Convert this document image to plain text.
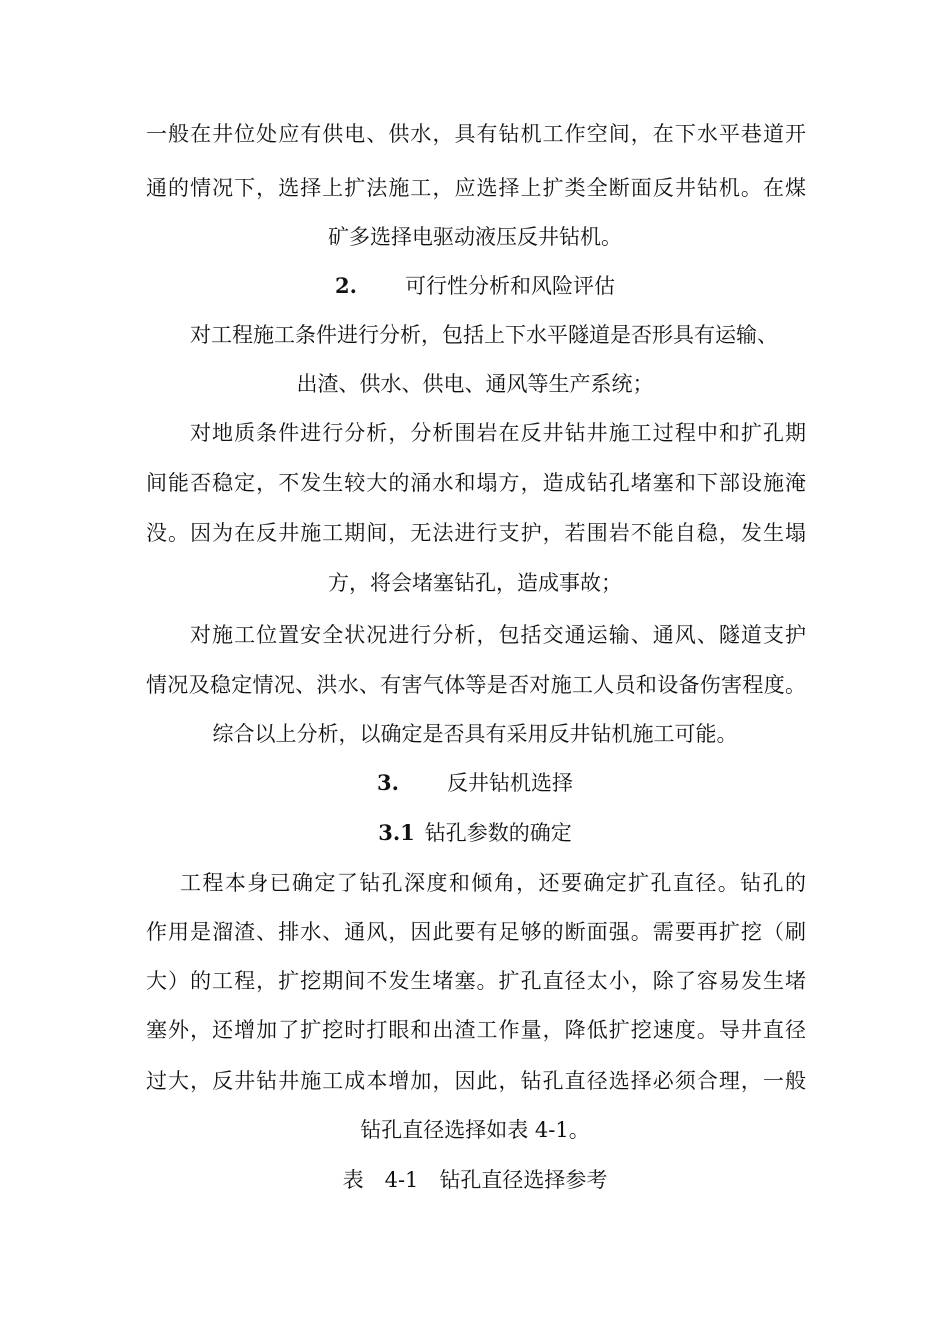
一般在井位处应有供电、供水，具有钻机工作空间，在下水平巷道开
通的情况下，选择上扩法施工，应选择上扩类全断面反井钻机。在煤
矿多选择电驱动液压反井钻机。
2. 可行性分析和风险评估
对工程施工条件进行分析，包括上下水平隧道是否形具有运输、
出渣、供水、供电、通风等生产系统；
对地质条件进行分析，分析围岩在反井钻井施工过程中和扩孔期
间能否稳定，不发生较大的涌水和塌方，造成钻孔堵塞和下部设施淹
没。因为在反井施工期间，无法进行支护，若围岩不能自稳，发生塌
方，将会堵塞钻孔，造成事故；
对施工位置安全状况进行分析，包括交通运输、通风、隧道支护
情况及稳定情况、洪水、有害气体等是否对施工人员和设备伤害程度。
综合以上分析，以确定是否具有采用反井钻机施工可能。
3. 反井钻机选择
3.1 钻孔参数的确定
工程本身已确定了钻孔深度和倾角，还要确定扩孔直径。钻孔的
作用是溜渣、排水、通风，因此要有足够的断面强。需要再扩挖（刷
大）的工程，扩挖期间不发生堵塞。扩孔直径太小，除了容易发生堵
塞外，还增加了扩挖时打眼和出渣工作量，降低扩挖速度。导井直径
过大，反井钻井施工成本增加，因此，钻孔直径选择必须合理，一般
钻孔直径选择如表 4-1。
表　4-1　钻孔直径选择参考
